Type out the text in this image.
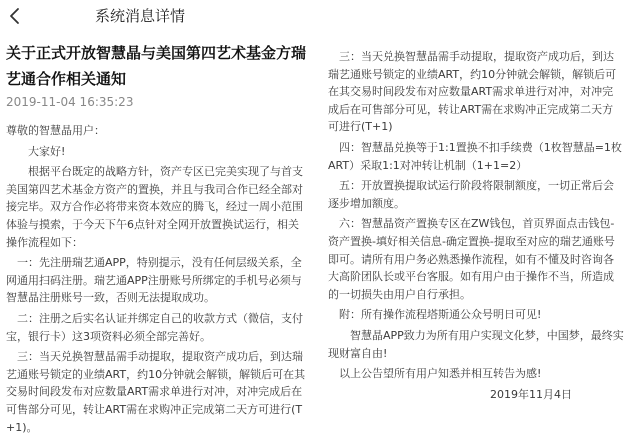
系统消息详情
关于正式开放智慧晶与美国第四艺术基金方瑞艺通合作相关通知
2019-11-04 16:35:23

尊敬的智慧晶用户：

大家好!

根据平台既定的战略方针，资产专区已完美实现了与首支美国第四艺术基金方资产的置换，并且与我司合作已经全部对接完毕。双方合作必将带来资本效应的腾飞，经过一周小范围体验与摸索，于今天下午6点针对全网开放置换试运行，相关操作流程如下：

一：先注册瑞艺通APP，特别提示，没有任何层级关系，全网通用扫码注册。瑞艺通APP注册账号所绑定的手机号必须与智慧晶注册账号一致，否则无法提取成功。

二：注册之后实名认证并绑定自己的收款方式（微信，支付宝，银行卡）这3项资料必须全部完善好。

三：当天兑换智慧晶需手动提取，提取资产成功后，到达瑞艺通账号锁定的业绩ART，约10分钟就会解锁，解锁后可在其交易时间段发布对应数量ART需求单进行对冲，对冲完成后在可售部分可见，转让ART需在求购冲正完成第二天方可进行(T+1)。

三：当天兑换智慧晶需手动提取，提取资产成功后，到达瑞艺通账号锁定的业绩ART，约10分钟就会解锁，解锁后可在其交易时间段发布对应数量ART需求单进行对冲，对冲完成后在可售部分可见，转让ART需在求购冲正完成第二天方可进行(T+1)

四：智慧晶兑换等于1:1置换不扣手续费（1枚智慧晶=1枚ART）采取1:1对冲转让机制（1+1=2）

五：开放置换提取试运行阶段将限制额度，一切正常后会逐步增加额度。

六：智慧晶资产置换专区在ZW钱包，首页界面点击钱包-资产置换-填好相关信息-确定置换-提取至对应的瑞艺通账号即可。请所有用户务必熟悉操作流程，如有不懂及时咨询各大高阶团队长或平台客服。如有用户由于操作不当，所造成的一切损失由用户自行承担。

附：所有操作流程塔斯通公众号明日可见!

智慧晶APP致力为所有用户实现文化梦，中国梦，最终实现财富自由!

以上公告望所有用户知悉并相互转告为感!

2019年11月4日
